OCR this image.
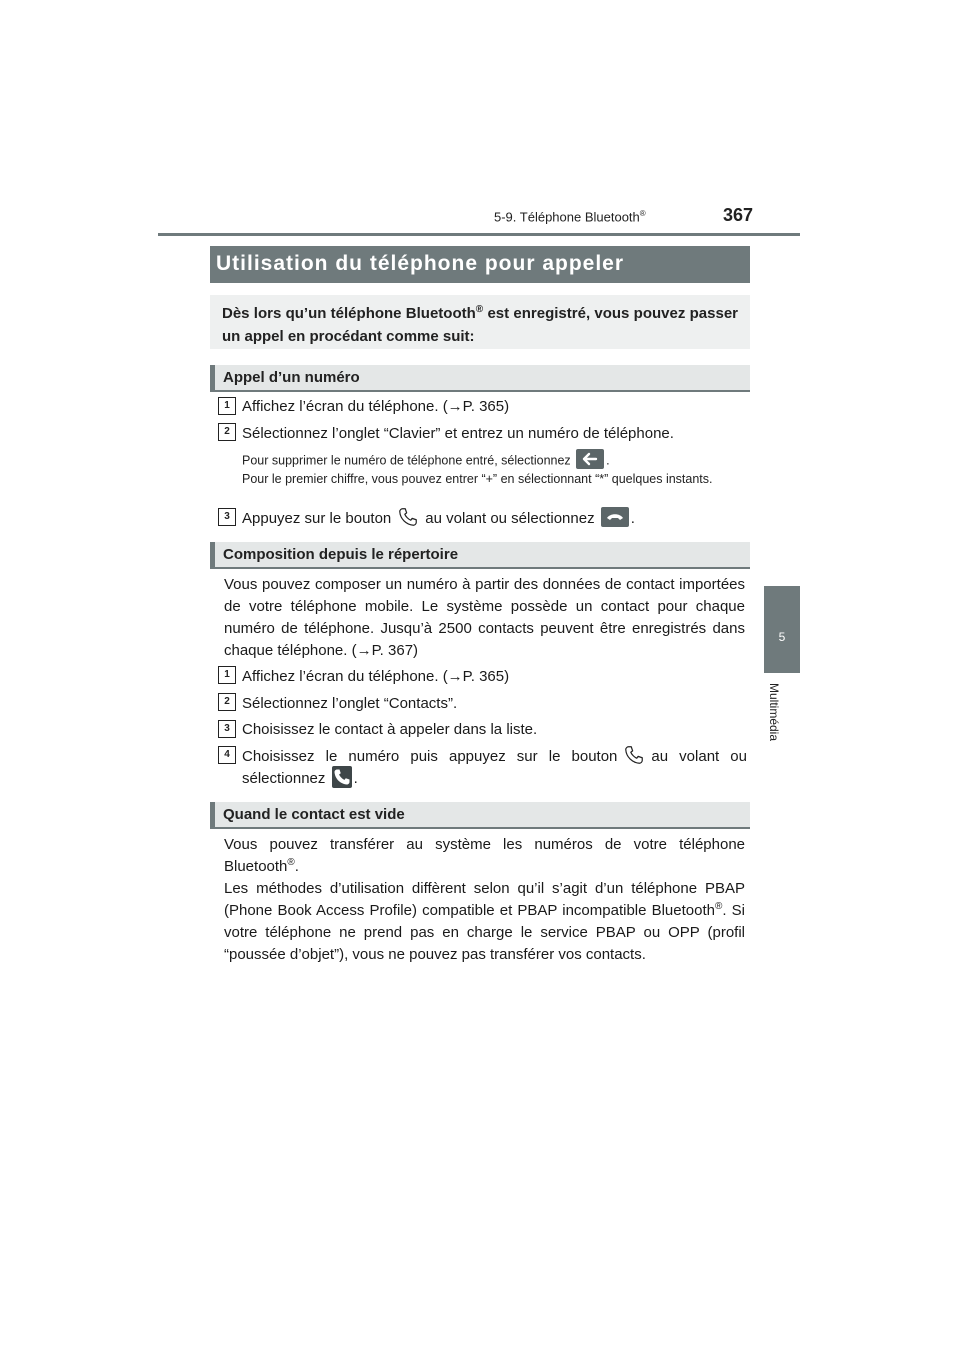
5-9. Téléphone Bluetooth®	367
5
Multimédia
Utilisation du téléphone pour appeler
Dès lors qu’un téléphone Bluetooth® est enregistré, vous pouvez passer un appel en procédant comme suit:
Appel d’un numéro
1 Affichez l’écran du téléphone. (→P. 365)
2 Sélectionnez l’onglet “Clavier” et entrez un numéro de téléphone.
Pour supprimer le numéro de téléphone entré, sélectionnez	.
Pour le premier chiffre, vous pouvez entrer “+” en sélectionnant “*” quelques instants.
3 Appuyez sur le bouton au volant ou sélectionnez .
Composition depuis le répertoire
Vous pouvez composer un numéro à partir des données de contact importées de votre téléphone mobile. Le système possède un contact pour chaque numéro de téléphone. Jusqu’à 2500 contacts peuvent être enregistrés dans chaque téléphone. (→P. 367)
1 Affichez l’écran du téléphone. (→P. 365)
2 Sélectionnez l’onglet “Contacts”.
3 Choisissez le contact à appeler dans la liste.
4 Choisissez le numéro puis appuyez sur le bouton au volant ou sélectionnez .
Quand le contact est vide
Vous pouvez transférer au système les numéros de votre téléphone Bluetooth®.
Les méthodes d’utilisation diffèrent selon qu’il s’agit d’un téléphone PBAP (Phone Book Access Profile) compatible et PBAP incompatible Bluetooth®. Si votre téléphone ne prend pas en charge le service PBAP ou OPP (profil “poussée d’objet”), vous ne pouvez pas transférer vos contacts.
